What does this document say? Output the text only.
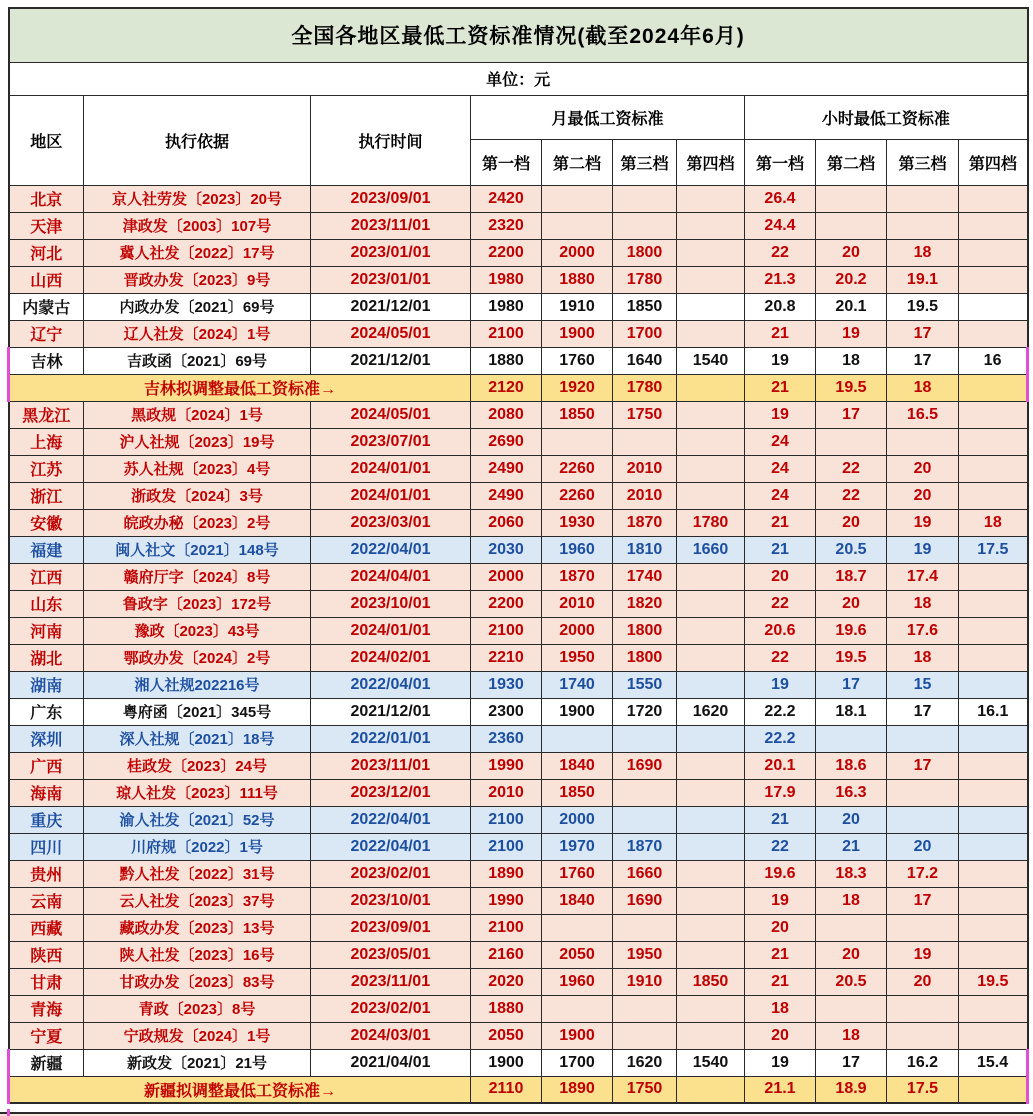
全国各地区最低工资标准情况(截至2024年6月)										
单位：元										
地区	执行依据	执行时间	月最低工资标准				小时最低工资标准			
			第一档	第二档	第三档	第四档	第一档	第二档	第三档	第四档
北京	京人社劳发〔2023〕20号	2023/09/01	2420				26.4			
天津	津政发〔2003〕107号	2023/11/01	2320				24.4			
河北	冀人社发〔2022〕17号	2023/01/01	2200	2000	1800		22	20	18	
山西	晋政办发〔2023〕9号	2023/01/01	1980	1880	1780		21.3	20.2	19.1	
内蒙古	内政办发〔2021〕69号	2021/12/01	1980	1910	1850		20.8	20.1	19.5	
辽宁	辽人社发〔2024〕1号	2024/05/01	2100	1900	1700		21	19	17	
吉林	吉政函〔2021〕69号	2021/12/01	1880	1760	1640	1540	19	18	17	16
吉林拟调整最低工资标准→			2120	1920	1780		21	19.5	18	
黑龙江	黑政规〔2024〕1号	2024/05/01	2080	1850	1750		19	17	16.5	
上海	沪人社规〔2023〕19号	2023/07/01	2690				24			
江苏	苏人社规〔2023〕4号	2024/01/01	2490	2260	2010		24	22	20	
浙江	浙政发〔2024〕3号	2024/01/01	2490	2260	2010		24	22	20	
安徽	皖政办秘〔2023〕2号	2023/03/01	2060	1930	1870	1780	21	20	19	18
福建	闽人社文〔2021〕148号	2022/04/01	2030	1960	1810	1660	21	20.5	19	17.5
江西	赣府厅字〔2024〕8号	2024/04/01	2000	1870	1740		20	18.7	17.4	
山东	鲁政字〔2023〕172号	2023/10/01	2200	2010	1820		22	20	18	
河南	豫政〔2023〕43号	2024/01/01	2100	2000	1800		20.6	19.6	17.6	
湖北	鄂政办发〔2024〕2号	2024/02/01	2210	1950	1800		22	19.5	18	
湖南	湘人社规202216号	2022/04/01	1930	1740	1550		19	17	15	
广东	粤府函〔2021〕345号	2021/12/01	2300	1900	1720	1620	22.2	18.1	17	16.1
深圳	深人社规〔2021〕18号	2022/01/01	2360				22.2			
广西	桂政发〔2023〕24号	2023/11/01	1990	1840	1690		20.1	18.6	17	
海南	琼人社发〔2023〕111号	2023/12/01	2010	1850			17.9	16.3		
重庆	渝人社发〔2021〕52号	2022/04/01	2100	2000			21	20		
四川	川府规〔2022〕1号	2022/04/01	2100	1970	1870		22	21	20	
贵州	黔人社发〔2022〕31号	2023/02/01	1890	1760	1660		19.6	18.3	17.2	
云南	云人社发〔2023〕37号	2023/10/01	1990	1840	1690		19	18	17	
西藏	藏政办发〔2023〕13号	2023/09/01	2100				20			
陕西	陕人社发〔2023〕16号	2023/05/01	2160	2050	1950		21	20	19	
甘肃	甘政办发〔2023〕83号	2023/11/01	2020	1960	1910	1850	21	20.5	20	19.5
青海	青政〔2023〕8号	2023/02/01	1880				18			
宁夏	宁政规发〔2024〕1号	2024/03/01	2050	1900			20	18		
新疆	新政发〔2021〕21号	2021/04/01	1900	1700	1620	1540	19	17	16.2	15.4
新疆拟调整最低工资标准→			2110	1890	1750		21.1	18.9	17.5	
